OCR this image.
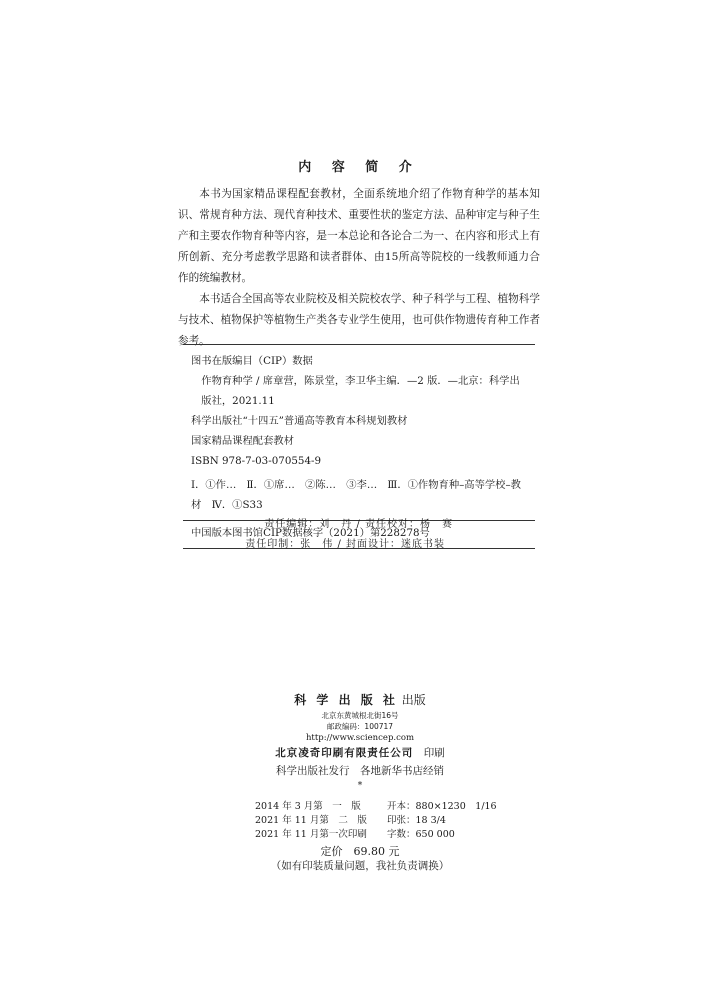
内 容 简 介

本书为国家精品课程配套教材，全面系统地介绍了作物育种学的基本知识、常规育种方法、现代育种技术、重要性状的鉴定方法、品种审定与种子生产和主要农作物育种等内容，是一本总论和各论合二为一、在内容和形式上有所创新、充分考虑教学思路和读者群体、由15所高等院校的一线教师通力合作的统编教材。

本书适合全国高等农业院校及相关院校农学、种子科学与工程、植物科学与技术、植物保护等植物生产类各专业学生使用，也可供作物遗传育种工作者参考。

图书在版编目（CIP）数据

作物育种学 / 席章营，陈景堂，李卫华主编．—2 版．—北京：科学出版社，2021.11

科学出版社“十四五”普通高等教育本科规划教材

国家精品课程配套教材

ISBN 978-7-03-070554-9

Ⅰ．①作…　Ⅱ．①席…　②陈…　③李…　Ⅲ．①作物育种–高等学校–教材　Ⅳ．①S33

中国版本图书馆CIP数据核字（2021）第228278号
责任编辑：刘　丹 / 责任校对：杨　赛
责任印制：张　伟 / 封面设计：迷底书装
科 学 出 版 社 出版
北京东黄城根北街16号
邮政编码：100717
http://www.sciencep.com
北京凌奇印刷有限责任公司　印刷
科学出版社发行　各地新华书店经销
*
2014 年 3 月第　一　版	开本：880×1230　1/16
2021 年 11 月第　二　版 印张：18 3/4
2021 年 11 月第一次印刷 字数：650 000
定价　69.80 元
（如有印装质量问题，我社负责调换）
